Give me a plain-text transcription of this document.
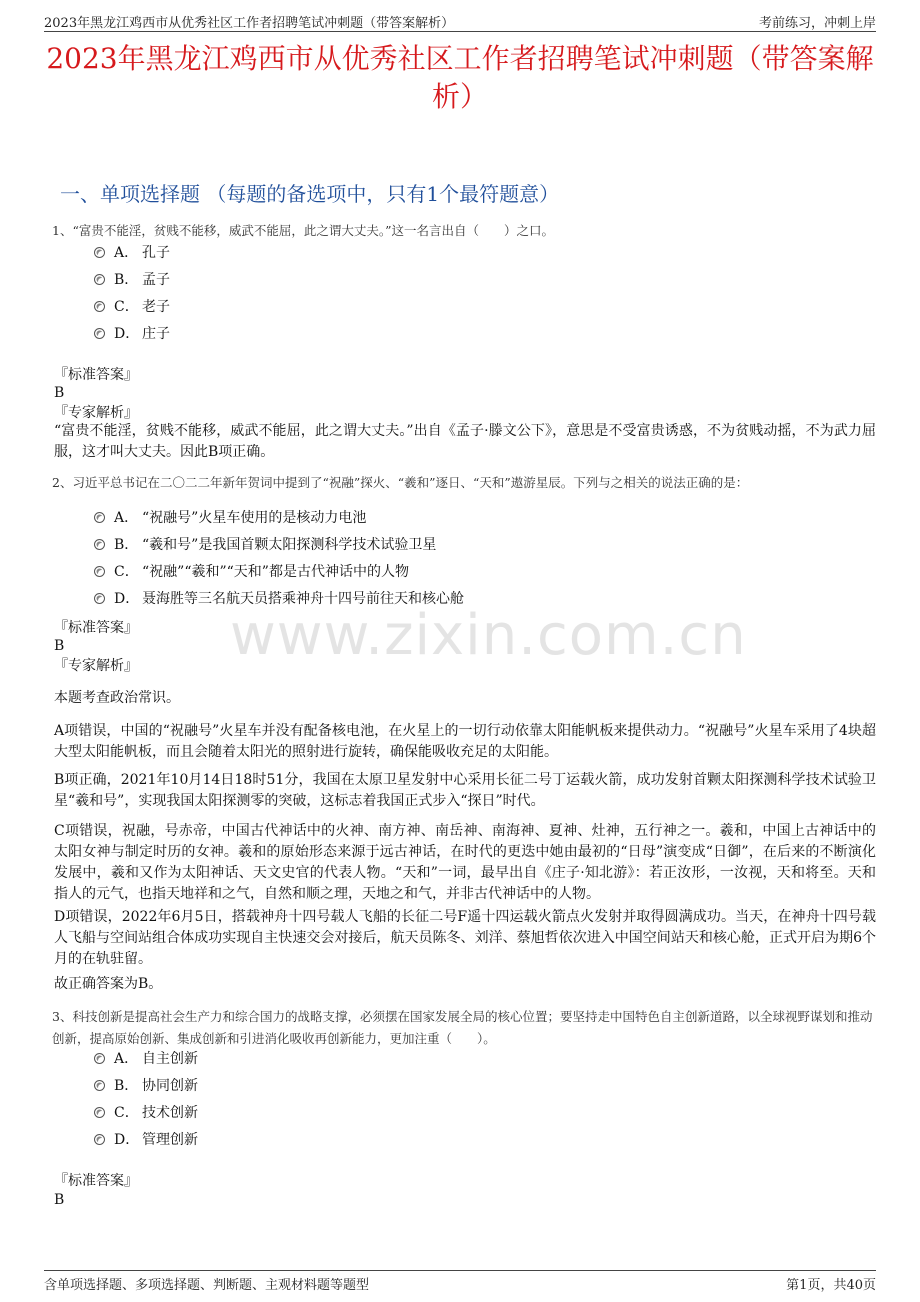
2023年黑龙江鸡西市从优秀社区工作者招聘笔试冲刺题（带答案解析）	考前练习，冲刺上岸
2023年黑龙江鸡西市从优秀社区工作者招聘笔试冲刺题（带答案解析）
一、单项选择题 （每题的备选项中，只有1个最符题意）
1、“富贵不能淫，贫贱不能移，威武不能屈，此之谓大丈夫。”这一名言出自（　　）之口。
A． 孔子
B． 孟子
C． 老子
D． 庄子
『标准答案』
B
『专家解析』
“富贵不能淫，贫贱不能移，威武不能屈，此之谓大丈夫。”出自《孟子·滕文公下》，意思是不受富贵诱惑，不为贫贱动摇，不为武力屈服，这才叫大丈夫。因此B项正确。
2、习近平总书记在二〇二二年新年贺词中提到了“祝融”探火、“羲和”逐日、“天和”遨游星辰。下列与之相关的说法正确的是：
A． “祝融号”火星车使用的是核动力电池
B． “羲和号”是我国首颗太阳探测科学技术试验卫星
C． “祝融”“羲和”“天和”都是古代神话中的人物
D． 聂海胜等三名航天员搭乘神舟十四号前往天和核心舱
www.zixin.com.cn
『标准答案』
B
『专家解析』
本题考查政治常识。
A项错误，中国的“祝融号”火星车并没有配备核电池，在火星上的一切行动依靠太阳能帆板来提供动力。“祝融号”火星车采用了4块超大型太阳能帆板，而且会随着太阳光的照射进行旋转，确保能吸收充足的太阳能。
B项正确，2021年10月14日18时51分，我国在太原卫星发射中心采用长征二号丁运载火箭，成功发射首颗太阳探测科学技术试验卫星“羲和号”，实现我国太阳探测零的突破，这标志着我国正式步入“探日”时代。
C项错误，祝融，号赤帝，中国古代神话中的火神、南方神、南岳神、南海神、夏神、灶神，五行神之一。羲和，中国上古神话中的太阳女神与制定时历的女神。羲和的原始形态来源于远古神话，在时代的更迭中她由最初的“日母”演变成“日御”，在后来的不断演化发展中，羲和又作为太阳神话、天文史官的代表人物。“天和”一词，最早出自《庄子·知北游》：若正汝形，一汝视，天和将至。天和指人的元气，也指天地祥和之气，自然和顺之理，天地之和气，并非古代神话中的人物。
D项错误，2022年6月5日，搭载神舟十四号载人飞船的长征二号F遥十四运载火箭点火发射并取得圆满成功。当天，在神舟十四号载人飞船与空间站组合体成功实现自主快速交会对接后，航天员陈冬、刘洋、蔡旭哲依次进入中国空间站天和核心舱，正式开启为期6个月的在轨驻留。
故正确答案为B。
3、科技创新是提高社会生产力和综合国力的战略支撑，必须摆在国家发展全局的核心位置；要坚持走中国特色自主创新道路，以全球视野谋划和推动创新，提高原始创新、集成创新和引进消化吸收再创新能力，更加注重（　　）。
A． 自主创新
B． 协同创新
C． 技术创新
D． 管理创新
『标准答案』
B
含单项选择题、多项选择题、判断题、主观材料题等题型	第1页，共40页
